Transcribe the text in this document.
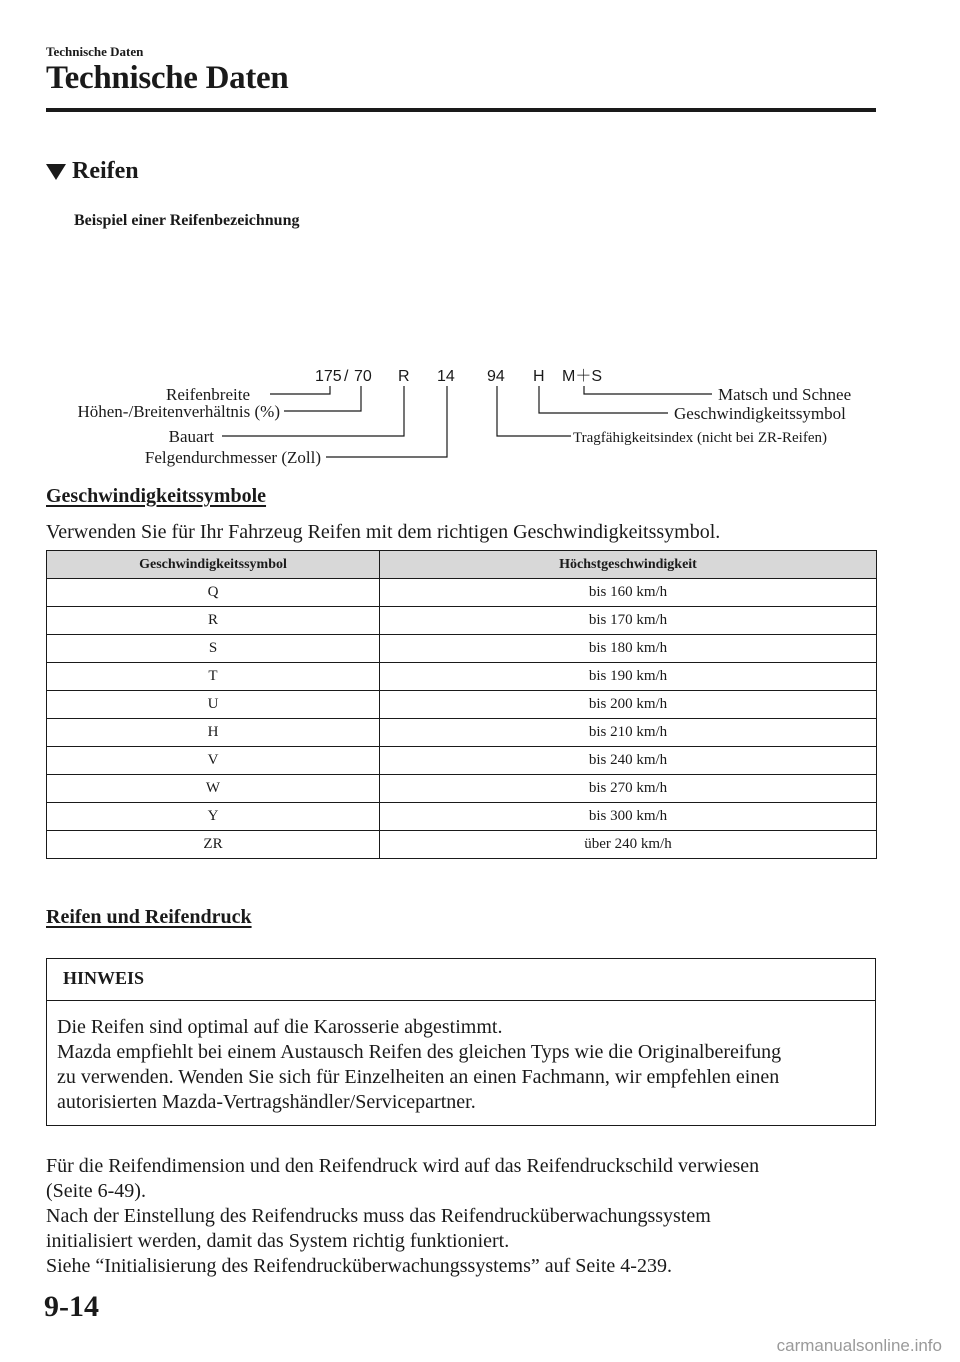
Technische Daten
Technische Daten
Reifen
Beispiel einer Reifenbezeichnung
175 / 70 R 14 94 H M＋S
Reifenbreite
Höhen-/Breitenverhältnis (%)
Bauart
Felgendurchmesser (Zoll)
Matsch und Schnee
Geschwindigkeitssymbol
Tragfähigkeitsindex (nicht bei ZR-Reifen)
Geschwindigkeitssymbole
Verwenden Sie für Ihr Fahrzeug Reifen mit dem richtigen Geschwindigkeitssymbol.
Geschwindigkeitssymbol	Höchstgeschwindigkeit
Q	bis 160 km/h
R	bis 170 km/h
S	bis 180 km/h
T	bis 190 km/h
U	bis 200 km/h
H	bis 210 km/h
V	bis 240 km/h
W	bis 270 km/h
Y	bis 300 km/h
ZR	über 240 km/h
Reifen und Reifendruck
HINWEIS
Die Reifen sind optimal auf die Karosserie abgestimmt.
Mazda empfiehlt bei einem Austausch Reifen des gleichen Typs wie die Originalbereifung
zu verwenden. Wenden Sie sich für Einzelheiten an einen Fachmann, wir empfehlen einen
autorisierten Mazda-Vertragshändler/Servicepartner.
Für die Reifendimension und den Reifendruck wird auf das Reifendruckschild verwiesen
(Seite 6-49).
Nach der Einstellung des Reifendrucks muss das Reifendrucküberwachungssystem
initialisiert werden, damit das System richtig funktioniert.
Siehe “Initialisierung des Reifendrucküberwachungssystems” auf Seite 4-239.
9-14
carmanualsonline.info
